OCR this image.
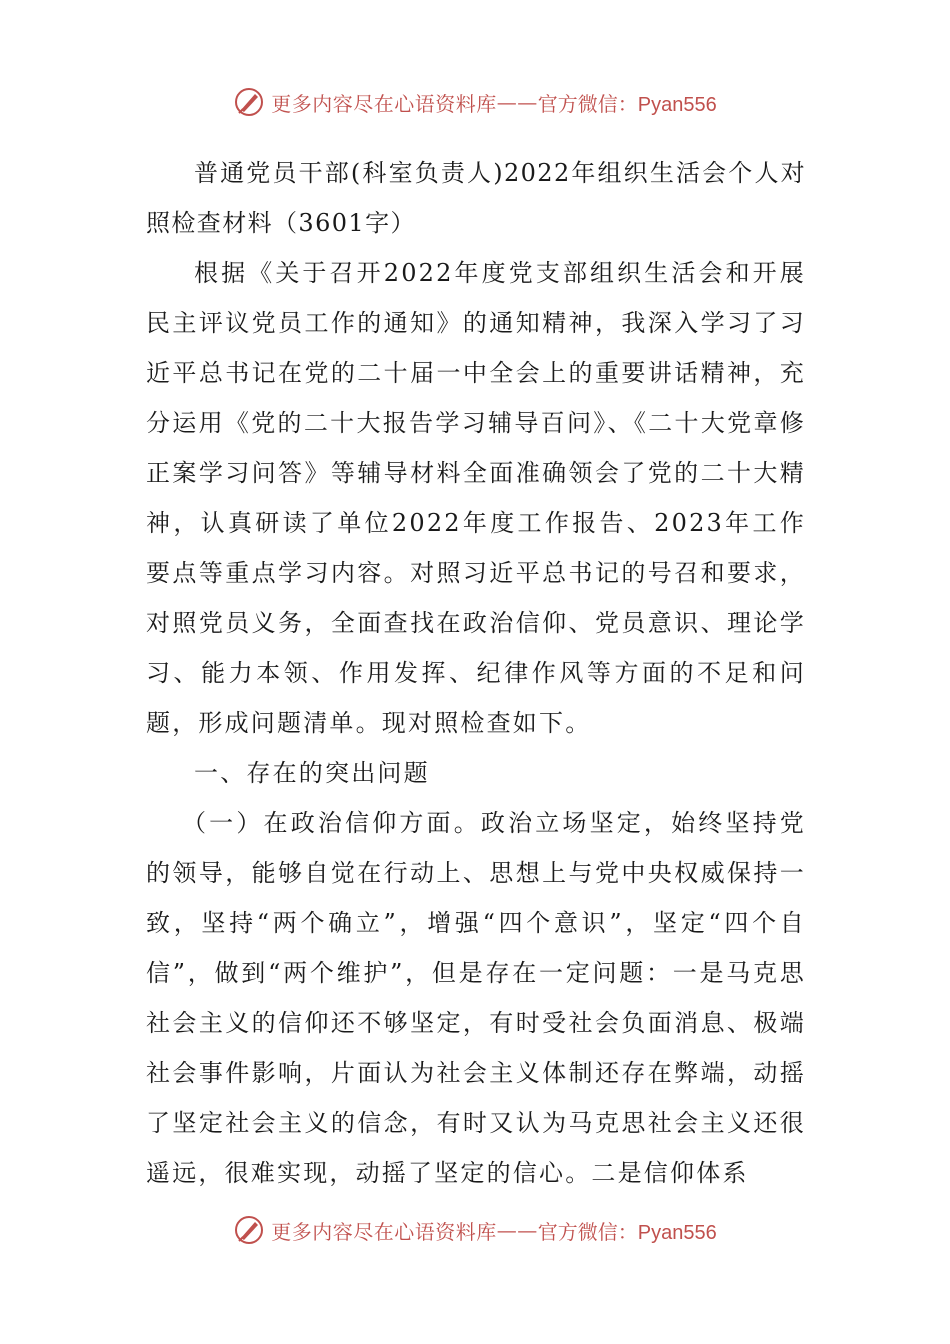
更多内容尽在心语资料库 —— 官方微信：Pyan556

普通党员干部(科室负责人)2022年组织生活会个人对照检查材料（3601字）

根据《关于召开2022年度党支部组织生活会和开展民主评议党员工作的通知》的通知精神，我深入学习了习近平总书记在党的二十届一中全会上的重要讲话精神，充分运用《党的二十大报告学习辅导百问》、《二十大党章修正案学习问答》等辅导材料全面准确领会了党的二十大精神，认真研读了单位2022年度工作报告、2023年工作要点等重点学习内容。对照习近平总书记的号召和要求，对照党员义务，全面查找在政治信仰、党员意识、理论学习、能力本领、作用发挥、纪律作风等方面的不足和问题，形成问题清单。现对照检查如下。

一、存在的突出问题

（一）在政治信仰方面。政治立场坚定，始终坚持党的领导，能够自觉在行动上、思想上与党中央权威保持一致，坚持“两个确立”，增强“四个意识”，坚定“四个自信”，做到“两个维护”，但是存在一定问题：一是马克思社会主义的信仰还不够坚定，有时受社会负面消息、极端社会事件影响，片面认为社会主义体制还存在弊端，动摇了坚定社会主义的信念，有时又认为马克思社会主义还很遥远，很难实现，动摇了坚定的信心。二是信仰体系

更多内容尽在心语资料库 —— 官方微信：Pyan556
